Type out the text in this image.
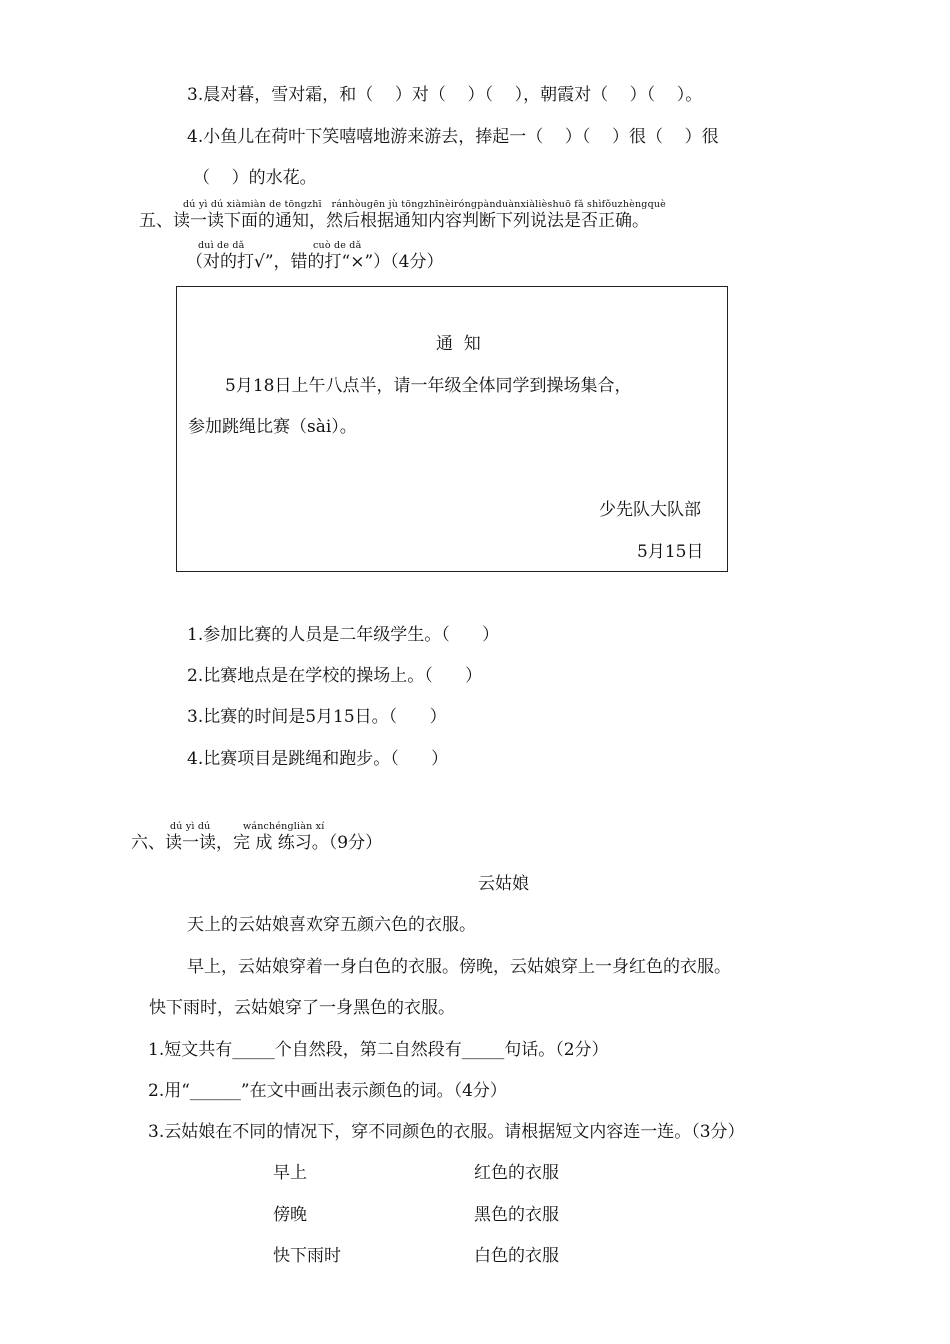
3.晨对暮，雪对霜，和（    ）对（    ）（    ），朝霞对（    ）（    ）。
4.小鱼儿在荷叶下笑嘻嘻地游来游去，捧起一（    ）（    ）很（    ）很
（    ）的水花。
dú yì dú xiàmiàn de tōngzhī   ránhòugēn jù tōngzhīnèiróngpànduànxiàlièshuō fǎ shìfǒuzhèngquè
五、读一读下面的通知，然后根据通知内容判断下列说法是否正确。
duì de dǎ	cuò de dǎ
（对的打√”，错的打“×”）（4分）
通  知
5月18日上午八点半，请一年级全体同学到操场集合，
参加跳绳比赛（sài）。
少先队大队部
5月15日
1.参加比赛的人员是二年级学生。（      ）
2.比赛地点是在学校的操场上。（      ）
3.比赛的时间是5月15日。（      ）
4.比赛项目是跳绳和跑步。（      ）
dú yì dú	wánchéngliàn xí
六、读一读，完 成 练习。（9分）
云姑娘
天上的云姑娘喜欢穿五颜六色的衣服。
早上，云姑娘穿着一身白色的衣服。傍晚，云姑娘穿上一身红色的衣服。
快下雨时，云姑娘穿了一身黑色的衣服。
1.短文共有_____个自然段，第二自然段有_____句话。（2分）
2.用“______”在文中画出表示颜色的词。（4分）
3.云姑娘在不同的情况下，穿不同颜色的衣服。请根据短文内容连一连。（3分）
早上
傍晚
快下雨时
红色的衣服
黑色的衣服
白色的衣服
